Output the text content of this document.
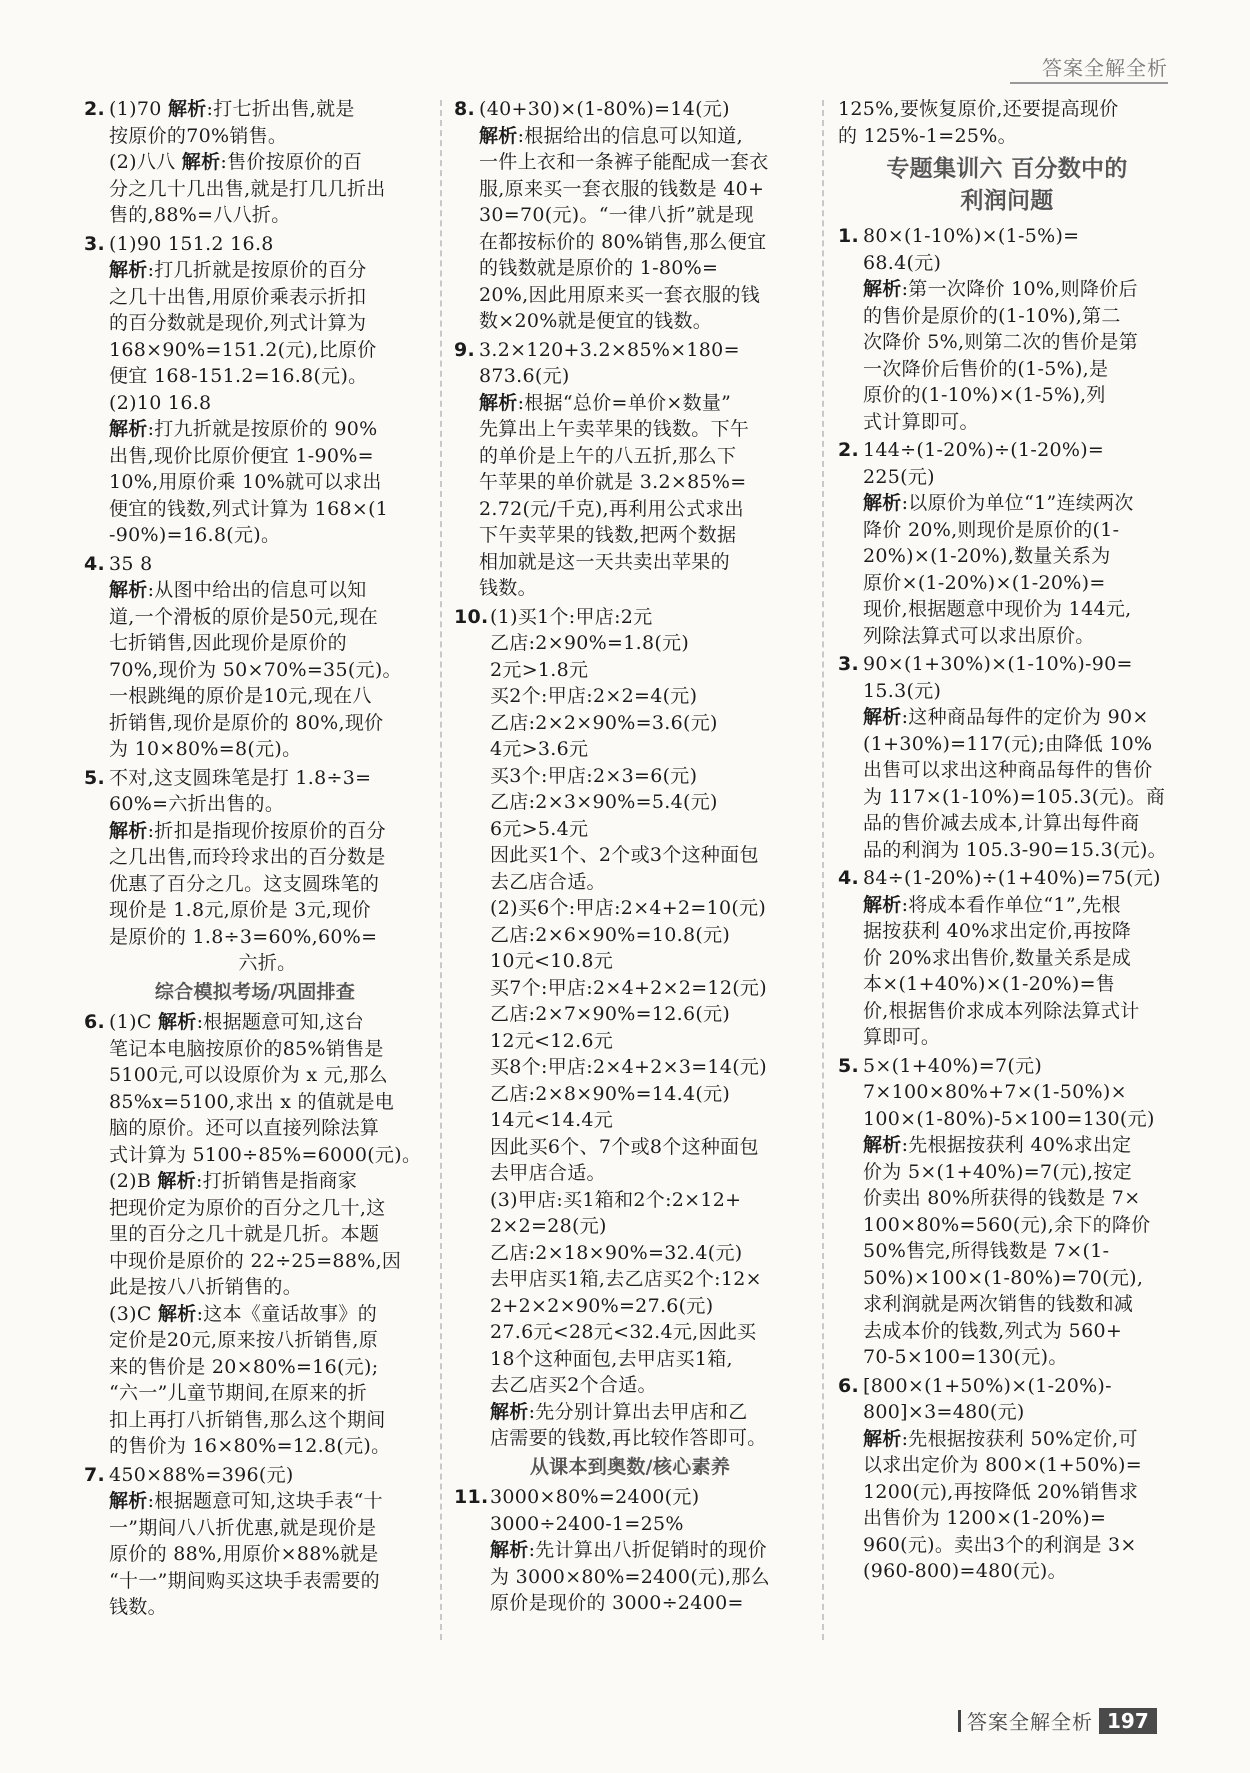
答案全解全析
2. (1)70 解析:打七折出售,就是
按原价的70%销售。
(2)八八 解析:售价按原价的百
分之几十几出售,就是打几几折出
售的,88%=八八折。
3. (1)90 151.2 16.8
解析:打几折就是按原价的百分
之几十出售,用原价乘表示折扣
的百分数就是现价,列式计算为
168×90%=151.2(元),比原价
便宜 168-151.2=16.8(元)。
(2)10 16.8
解析:打九折就是按原价的 90%
出售,现价比原价便宜 1-90%=
10%,用原价乘 10%就可以求出
便宜的钱数,列式计算为 168×(1
-90%)=16.8(元)。
4. 35 8
解析:从图中给出的信息可以知
道,一个滑板的原价是50元,现在
七折销售,因此现价是原价的
70%,现价为 50×70%=35(元)。
一根跳绳的原价是10元,现在八
折销售,现价是原价的 80%,现价
为 10×80%=8(元)。
5. 不对,这支圆珠笔是打 1.8÷3=
60%=六折出售的。
解析:折扣是指现价按原价的百分
之几出售,而玲玲求出的百分数是
优惠了百分之几。这支圆珠笔的
现价是 1.8元,原价是 3元,现价
是原价的 1.8÷3=60%,60%=
六折。
综合模拟考场/巩固排查
6. (1)C 解析:根据题意可知,这台
笔记本电脑按原价的85%销售是
5100元,可以设原价为 x 元,那么
85%x=5100,求出 x 的值就是电
脑的原价。还可以直接列除法算
式计算为 5100÷85%=6000(元)。
(2)B 解析:打折销售是指商家
把现价定为原价的百分之几十,这
里的百分之几十就是几折。本题
中现价是原价的 22÷25=88%,因
此是按八八折销售的。
(3)C 解析:这本《童话故事》的
定价是20元,原来按八折销售,原
来的售价是 20×80%=16(元);
“六一”儿童节期间,在原来的折
扣上再打八折销售,那么这个期间
的售价为 16×80%=12.8(元)。
7. 450×88%=396(元)
解析:根据题意可知,这块手表“十
一”期间八八折优惠,就是现价是
原价的 88%,用原价×88%就是
“十一”期间购买这块手表需要的
钱数。
8. (40+30)×(1-80%)=14(元)
解析:根据给出的信息可以知道,
一件上衣和一条裤子能配成一套衣
服,原来买一套衣服的钱数是 40+
30=70(元)。“一律八折”就是现
在都按标价的 80%销售,那么便宜
的钱数就是原价的 1-80%=
20%,因此用原来买一套衣服的钱
数×20%就是便宜的钱数。
9. 3.2×120+3.2×85%×180=
873.6(元)
解析:根据“总价=单价×数量”
先算出上午卖苹果的钱数。下午
的单价是上午的八五折,那么下
午苹果的单价就是 3.2×85%=
2.72(元/千克),再利用公式求出
下午卖苹果的钱数,把两个数据
相加就是这一天共卖出苹果的
钱数。
10. (1)买1个:甲店:2元
乙店:2×90%=1.8(元)
2元>1.8元
买2个:甲店:2×2=4(元)
乙店:2×2×90%=3.6(元)
4元>3.6元
买3个:甲店:2×3=6(元)
乙店:2×3×90%=5.4(元)
6元>5.4元
因此买1个、2个或3个这种面包
去乙店合适。
(2)买6个:甲店:2×4+2=10(元)
乙店:2×6×90%=10.8(元)
10元<10.8元
买7个:甲店:2×4+2×2=12(元)
乙店:2×7×90%=12.6(元)
12元<12.6元
买8个:甲店:2×4+2×3=14(元)
乙店:2×8×90%=14.4(元)
14元<14.4元
因此买6个、7个或8个这种面包
去甲店合适。
(3)甲店:买1箱和2个:2×12+
2×2=28(元)
乙店:2×18×90%=32.4(元)
去甲店买1箱,去乙店买2个:12×
2+2×2×90%=27.6(元)
27.6元<28元<32.4元,因此买
18个这种面包,去甲店买1箱,
去乙店买2个合适。
解析:先分别计算出去甲店和乙
店需要的钱数,再比较作答即可。
从课本到奥数/核心素养
11. 3000×80%=2400(元)
3000÷2400-1=25%
解析:先计算出八折促销时的现价
为 3000×80%=2400(元),那么
原价是现价的 3000÷2400=
125%,要恢复原价,还要提高现价
的 125%-1=25%。
专题集训六 百分数中的
利润问题
1. 80×(1-10%)×(1-5%)=
68.4(元)
解析:第一次降价 10%,则降价后
的售价是原价的(1-10%),第二
次降价 5%,则第二次的售价是第
一次降价后售价的(1-5%),是
原价的(1-10%)×(1-5%),列
式计算即可。
2. 144÷(1-20%)÷(1-20%)=
225(元)
解析:以原价为单位“1”连续两次
降价 20%,则现价是原价的(1-
20%)×(1-20%),数量关系为
原价×(1-20%)×(1-20%)=
现价,根据题意中现价为 144元,
列除法算式可以求出原价。
3. 90×(1+30%)×(1-10%)-90=
15.3(元)
解析:这种商品每件的定价为 90×
(1+30%)=117(元);由降低 10%
出售可以求出这种商品每件的售价
为 117×(1-10%)=105.3(元)。商
品的售价减去成本,计算出每件商
品的利润为 105.3-90=15.3(元)。
4. 84÷(1-20%)÷(1+40%)=75(元)
解析:将成本看作单位“1”,先根
据按获利 40%求出定价,再按降
价 20%求出售价,数量关系是成
本×(1+40%)×(1-20%)=售
价,根据售价求成本列除法算式计
算即可。
5. 5×(1+40%)=7(元)
7×100×80%+7×(1-50%)×
100×(1-80%)-5×100=130(元)
解析:先根据按获利 40%求出定
价为 5×(1+40%)=7(元),按定
价卖出 80%所获得的钱数是 7×
100×80%=560(元),余下的降价
50%售完,所得钱数是 7×(1-
50%)×100×(1-80%)=70(元),
求利润就是两次销售的钱数和减
去成本价的钱数,列式为 560+
70-5×100=130(元)。
6. [800×(1+50%)×(1-20%)-
800]×3=480(元)
解析:先根据按获利 50%定价,可
以求出定价为 800×(1+50%)=
1200(元),再按降低 20%销售求
出售价为 1200×(1-20%)=
960(元)。卖出3个的利润是 3×
(960-800)=480(元)。
答案全解全析 197
